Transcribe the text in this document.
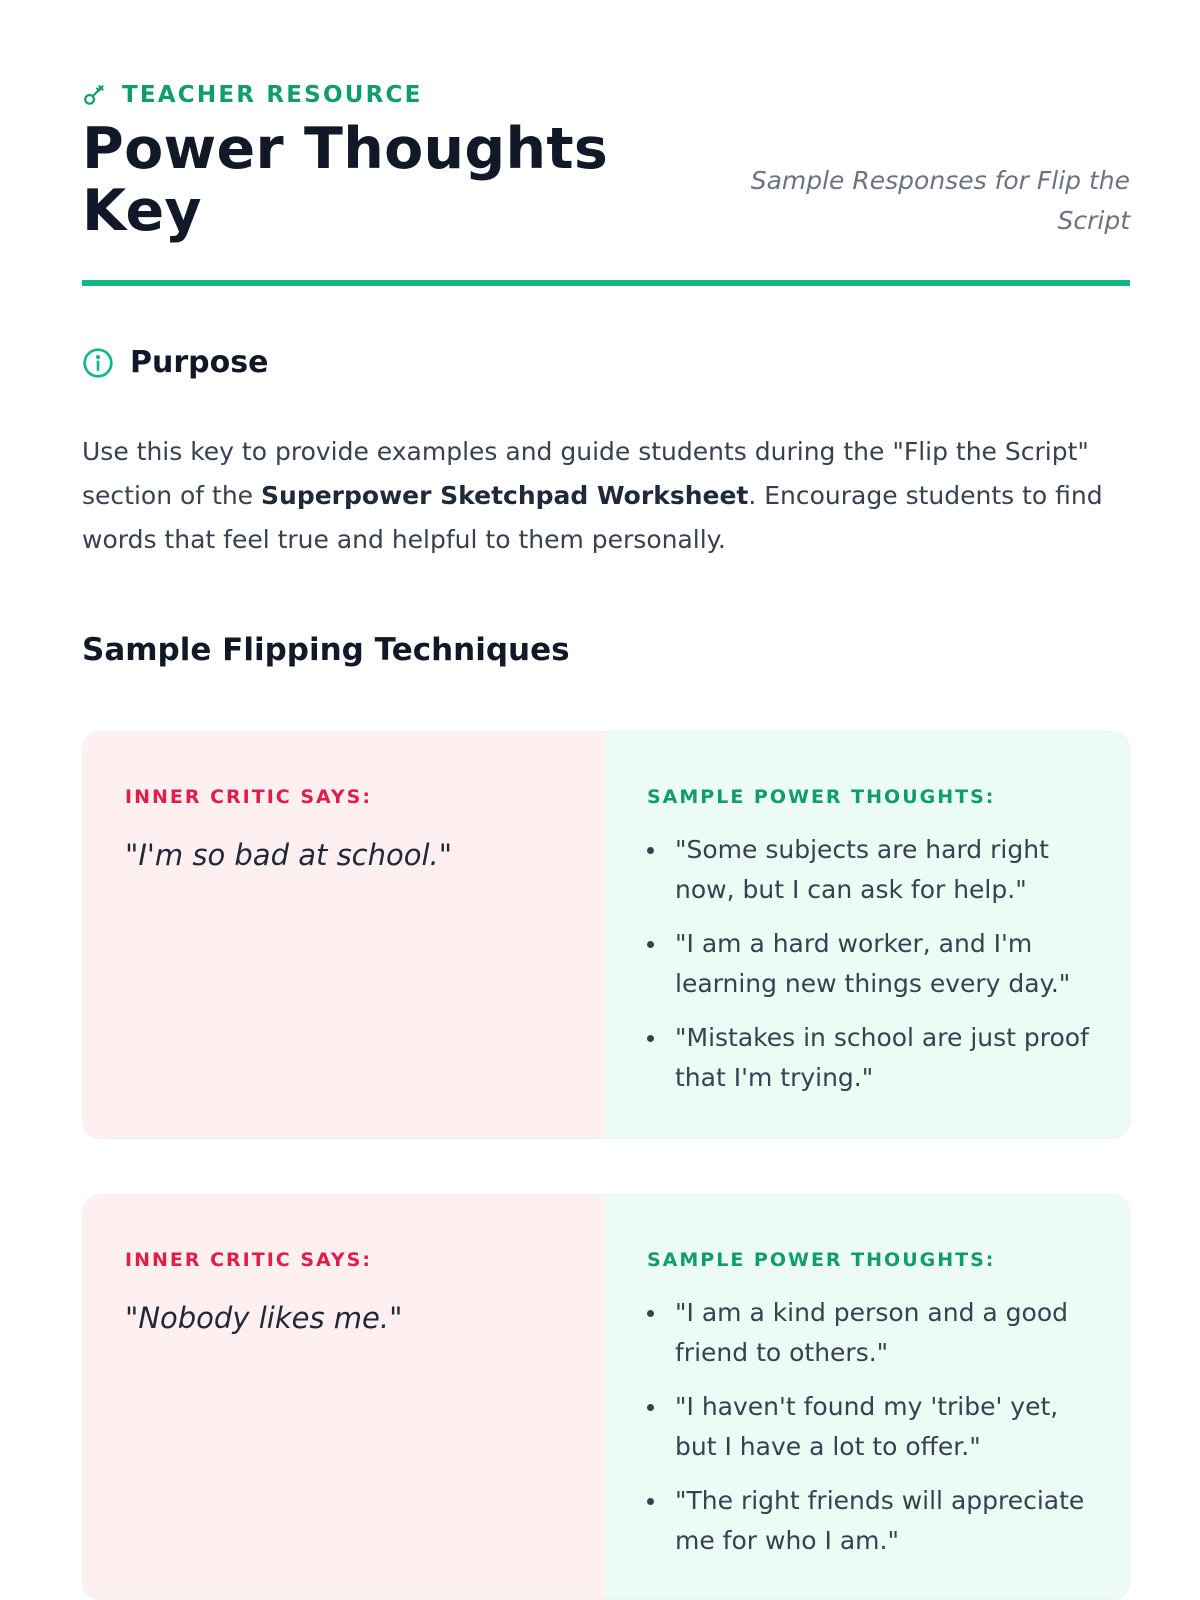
TEACHER RESOURCE
Power Thoughts Key	Sample Responses for Flip the Script
Purpose

Use this key to provide examples and guide students during the "Flip the Script" section of the Superpower Sketchpad Worksheet. Encourage students to find words that feel true and helpful to them personally.

Sample Flipping Techniques
INNER CRITIC SAYS:
"I'm so bad at school."
SAMPLE POWER THOUGHTS:
"Some subjects are hard right now, but I can ask for help."
"I am a hard worker, and I'm learning new things every day."
"Mistakes in school are just proof that I'm trying."
INNER CRITIC SAYS:
"Nobody likes me."
SAMPLE POWER THOUGHTS:
"I am a kind person and a good friend to others."
"I haven't found my 'tribe' yet, but I have a lot to offer."
"The right friends will appreciate me for who I am."
